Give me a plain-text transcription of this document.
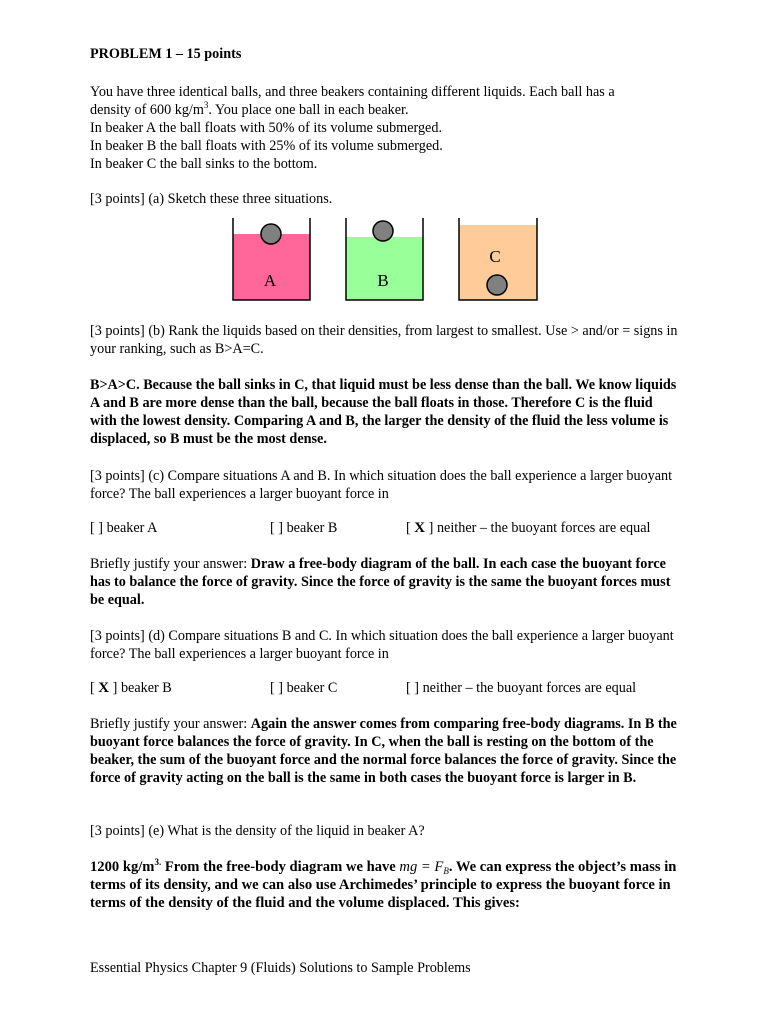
PROBLEM 1 – 15 points

You have three identical balls, and three beakers containing different liquids. Each ball has a
density of 600 $kg/m^3$. You place one ball in each beaker.
In beaker A the ball floats with 50% of its volume submerged.
In beaker B the ball floats with 25% of its volume submerged.
In beaker C the ball sinks to the bottom.

[3 points] (a) Sketch these three situations.

[3 points] (b) Rank the liquids based on their densities, from largest to smallest. Use > and/or = signs in your ranking, such as B>A=C.

B>A>C. Because the ball sinks in C, that liquid must be less dense than the ball. We know liquids A and B are more dense than the ball, because the ball floats in those. Therefore C is the fluid with the lowest density. Comparing A and B, the larger the density of the fluid the less volume is displaced, so B must be the most dense.

[3 points] (c) Compare situations A and B. In which situation does the ball experience a larger buoyant force? The ball experiences a larger buoyant force in

[ ] beaker A	[ ] beaker B	[ X ] neither – the buoyant forces are equal

Briefly justify your answer: Draw a free-body diagram of the ball. In each case the buoyant force has to balance the force of gravity. Since the force of gravity is the same the buoyant forces must be equal.

[3 points] (d) Compare situations B and C. In which situation does the ball experience a larger buoyant force? The ball experiences a larger buoyant force in

[ X ] beaker B	[ ] beaker C	[ ] neither – the buoyant forces are equal

Briefly justify your answer: Again the answer comes from comparing free-body diagrams. In B the buoyant force balances the force of gravity. In C, when the ball is resting on the bottom of the beaker, the sum of the buoyant force and the normal force balances the force of gravity. Since the force of gravity acting on the ball is the same in both cases the buoyant force is larger in B.

[3 points] (e) What is the density of the liquid in beaker A?

1200 $kg/m^{3.}$ From the free-body diagram we have mg = $F_B$. We can express the object’s mass in terms of its density, and we can also use Archimedes’ principle to express the buoyant force in terms of the density of the fluid and the volume displaced. This gives:

A	B
C
Essential Physics Chapter 9 (Fluids) Solutions to Sample Problems
